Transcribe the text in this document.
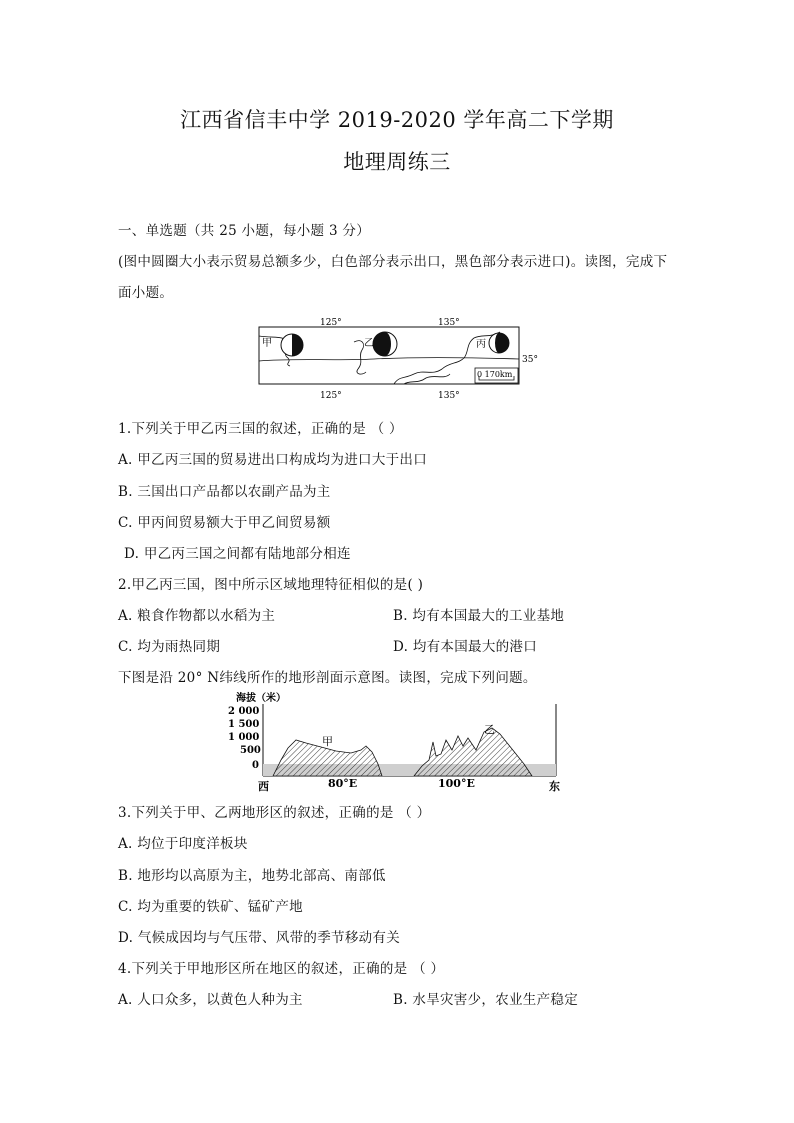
江西省信丰中学 2019-2020 学年高二下学期
地理周练三
一、单选题（共 25 小题，每小题 3 分）
(图中圆圈大小表示贸易总额多少，白色部分表示出口，黑色部分表示进口)。读图，完成下
面小题。
125°	135°
125°	135°
35°
甲	乙	丙
0 170km
1.下列关于甲乙丙三国的叙述，正确的是 （ ）
A. 甲乙丙三国的贸易进出口构成均为进口大于出口
B. 三国出口产品都以农副产品为主
C. 甲丙间贸易额大于甲乙间贸易额
D. 甲乙丙三国之间都有陆地部分相连
2.甲乙丙三国，图中所示区域地理特征相似的是( )
A. 粮食作物都以水稻为主	B. 均有本国最大的工业基地
C. 均为雨热同期	D. 均有本国最大的港口
下图是沿 20° N纬线所作的地形剖面示意图。读图，完成下列问题。
海拔（米）
2 000
1 500
1 000
500
0
甲
乙
西	80°E	100°E	东
3.下列关于甲、乙两地形区的叙述，正确的是 （ ）
A. 均位于印度洋板块
B. 地形均以高原为主，地势北部高、南部低
C. 均为重要的铁矿、锰矿产地
D. 气候成因均与气压带、风带的季节移动有关
4.下列关于甲地形区所在地区的叙述，正确的是 （ ）
A. 人口众多，以黄色人种为主	B. 水旱灾害少，农业生产稳定
